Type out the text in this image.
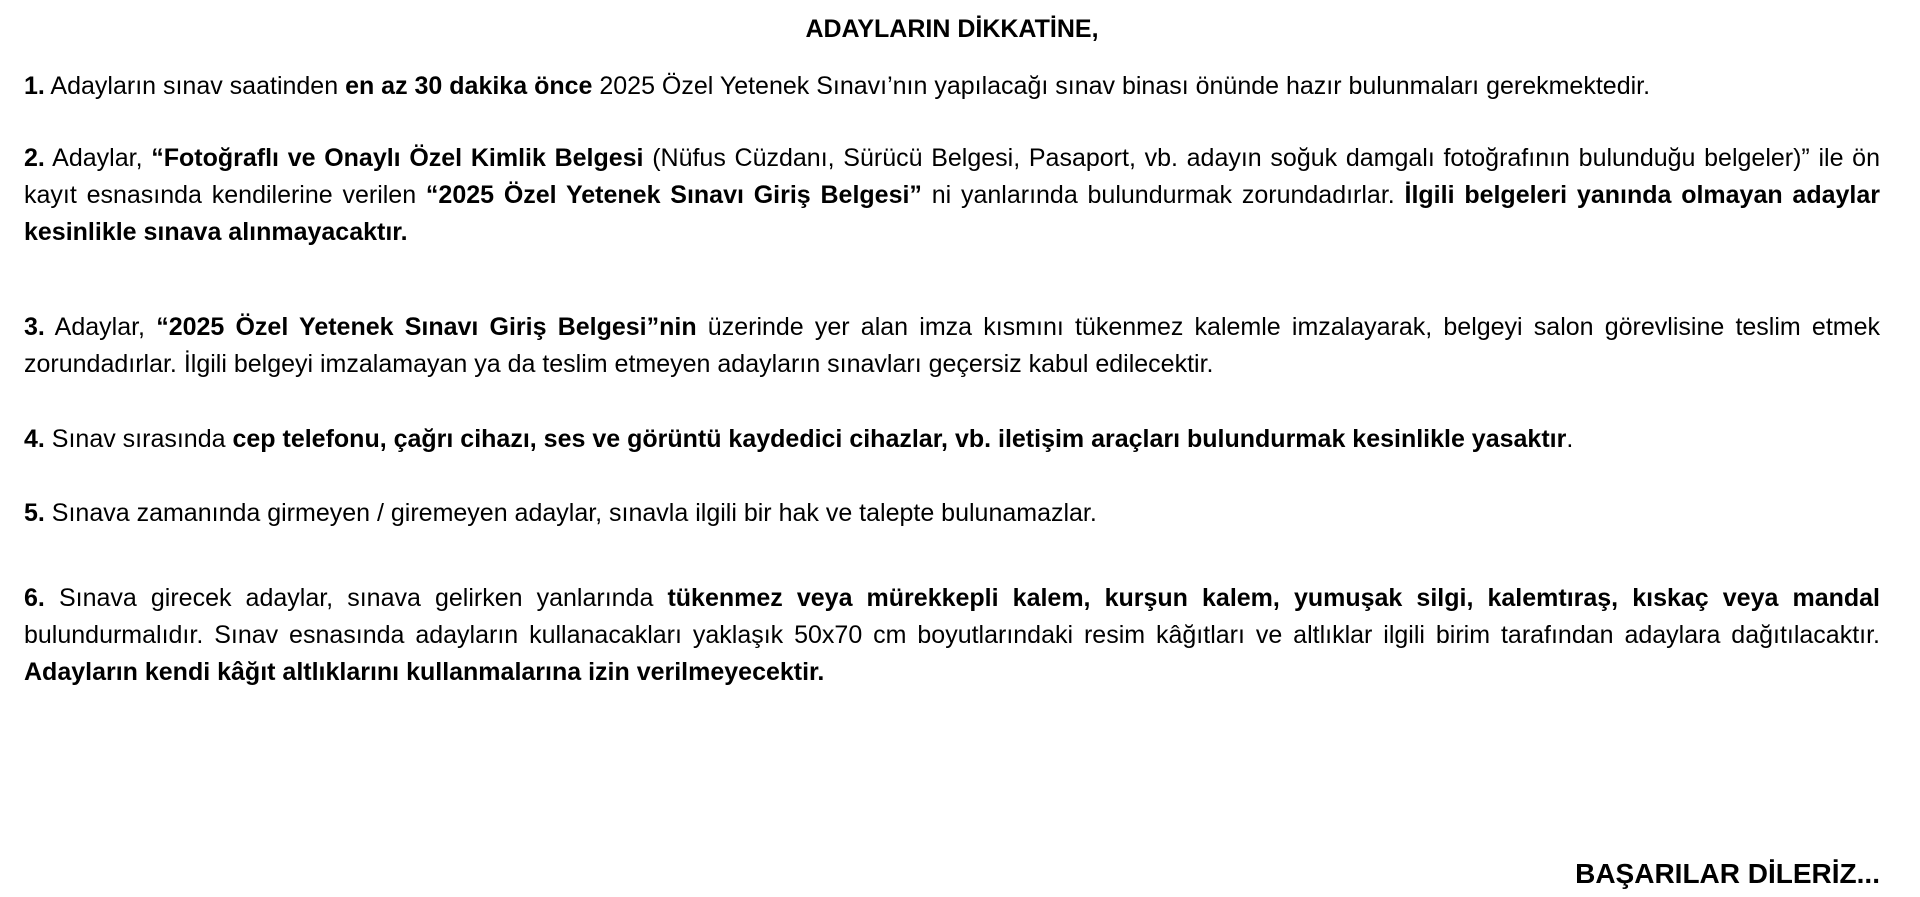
ADAYLARIN DİKKATİNE,

1. Adayların sınav saatinden en az 30 dakika önce 2025 Özel Yetenek Sınavı’nın yapılacağı sınav binası önünde hazır bulunmaları gerekmektedir.

2. Adaylar, “Fotoğraflı ve Onaylı Özel Kimlik Belgesi (Nüfus Cüzdanı, Sürücü Belgesi, Pasaport, vb. adayın soğuk damgalı fotoğrafının bulunduğu belgeler)” ile ön kayıt esnasında kendilerine verilen “2025 Özel Yetenek Sınavı Giriş Belgesi” ni yanlarında bulundurmak zorundadırlar. İlgili belgeleri yanında olmayan adaylar kesinlikle sınava alınmayacaktır.

3. Adaylar, “2025 Özel Yetenek Sınavı Giriş Belgesi”nin üzerinde yer alan imza kısmını tükenmez kalemle imzalayarak, belgeyi salon görevlisine teslim etmek zorundadırlar. İlgili belgeyi imzalamayan ya da teslim etmeyen adayların sınavları geçersiz kabul edilecektir.

4. Sınav sırasında cep telefonu, çağrı cihazı, ses ve görüntü kaydedici cihazlar, vb. iletişim araçları bulundurmak kesinlikle yasaktır.

5. Sınava zamanında girmeyen / giremeyen adaylar, sınavla ilgili bir hak ve talepte bulunamazlar.

6. Sınava girecek adaylar, sınava gelirken yanlarında tükenmez veya mürekkepli kalem, kurşun kalem, yumuşak silgi, kalemtıraş, kıskaç veya mandal bulundurmalıdır. Sınav esnasında adayların kullanacakları yaklaşık 50x70 cm boyutlarındaki resim kâğıtları ve altlıklar ilgili birim tarafından adaylara dağıtılacaktır. Adayların kendi kâğıt altlıklarını kullanmalarına izin verilmeyecektir.

BAŞARILAR DİLERİZ...
